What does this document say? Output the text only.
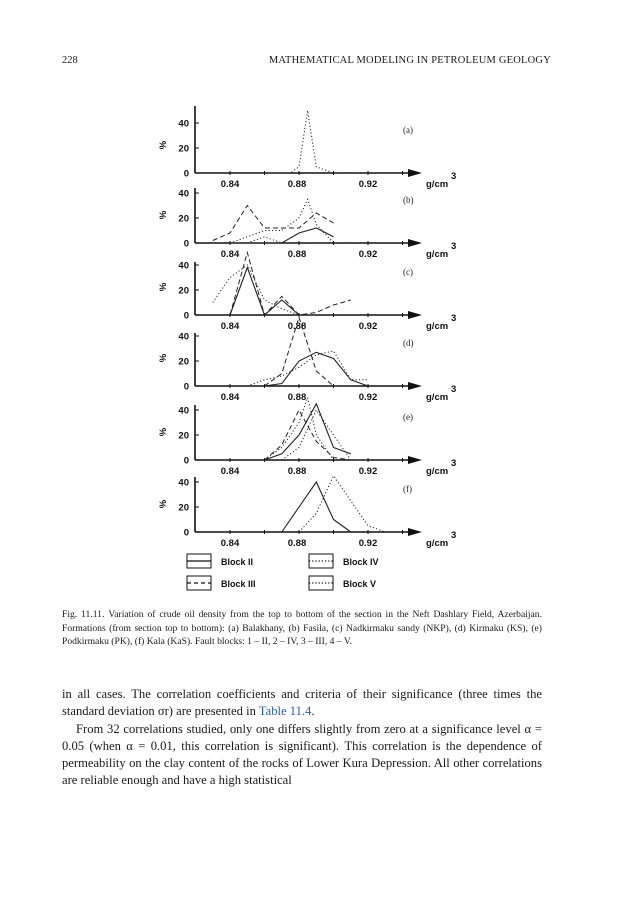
228	MATHEMATICAL MODELING IN PETROLEUM GEOLOGY
0
20
40
%
0.84	0.88	0.92	g/cm
3
(a)
0
20
40
%
0.84	0.88	0.92	g/cm
3
(b)
0
20
40
%
0.84	0.88	0.92	g/cm
3
(c)
0
20
40
%
0.84	0.88	0.92	g/cm
3
(d)
0
20
40
%
0.84	0.88	0.92	g/cm
3
(e)
0
20
40
%
0.84	0.88	0.92	g/cm
3
(f)
Block II	Block IV
Block III	Block V
Fig. 11.11. Variation of crude oil density from the top to bottom of the section in the Neft Dashlary Field, Azerbaijan. Formations (from section top to bottom): (a) Balakhany, (b) Fasila, (c) Nadkirmaku sandy (NKP), (d) Kirmaku (KS), (e) Podkirmaku (PK), (f) Kala (KaS). Fault blocks: 1 – II, 2 – IV, 3 – III, 4 – V.

in all cases. The correlation coefficients and criteria of their significance (three times the standard deviation σr) are presented in Table 11.4.

From 32 correlations studied, only one differs slightly from zero at a significance level α = 0.05 (when α = 0.01, this correlation is significant). This correlation is the dependence of permeability on the clay content of the rocks of Lower Kura Depression. All other correlations are reliable enough and have a high statistical
